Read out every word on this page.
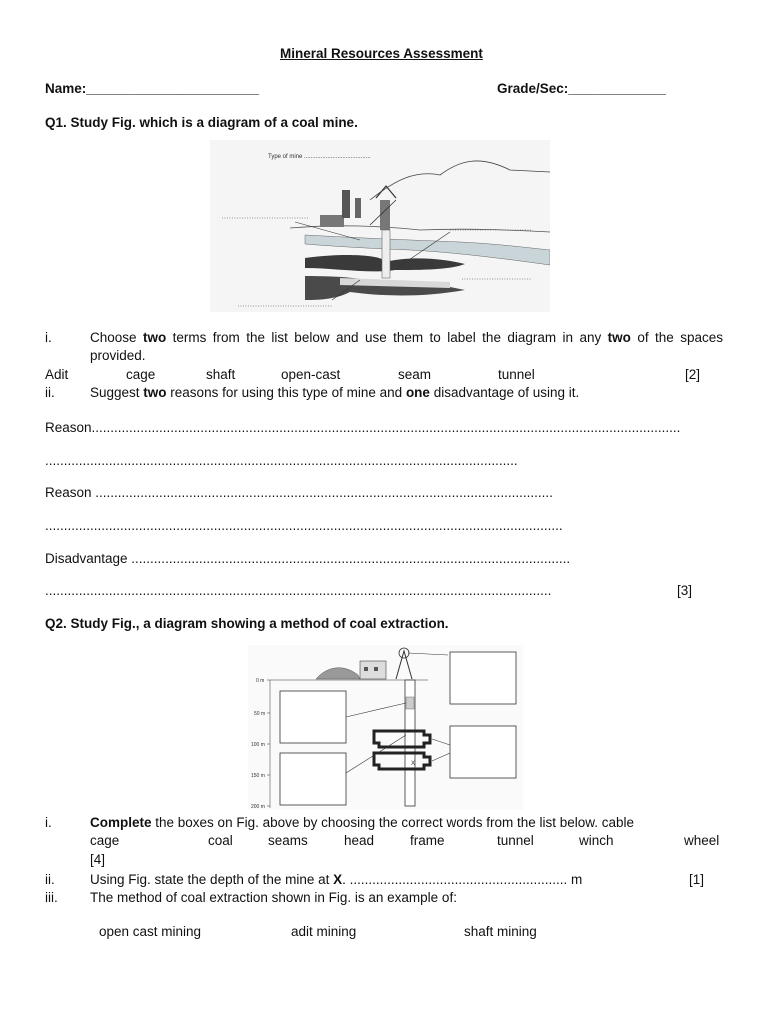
Mineral Resources Assessment
Name:_______________________	Grade/Sec:_____________
Q1. Study Fig. which is a diagram of a coal mine.
Type of mine ........................................
i.	Choose two terms from the list below and use them to label the diagram in any two of the spaces provided.
Adit	cage	shaft	open-cast	seam	tunnel	[2]
ii.	Suggest two reasons for using this type of mine and one disadvantage of using it.
Reason.............................................................................................................................................................
..............................................................................................................................
Reason ..........................................................................................................................
..........................................................................................................................................
Disadvantage .....................................................................................................................
.......................................................................................................................................	[3]
Q2. Study Fig., a diagram showing a method of coal extraction.
0 m
50 m
100 m
150 m
200 m
X
i.	Complete the boxes on Fig. above by choosing the correct words from the list below. cable
cage	coal	seams	head	frame	tunnel	winch	wheel
[4]
ii.	Using Fig. state the depth of the mine at X. .......................................................... m	[1]
iii. The method of coal extraction shown in Fig. is an example of:
open cast mining	adit mining	shaft mining
